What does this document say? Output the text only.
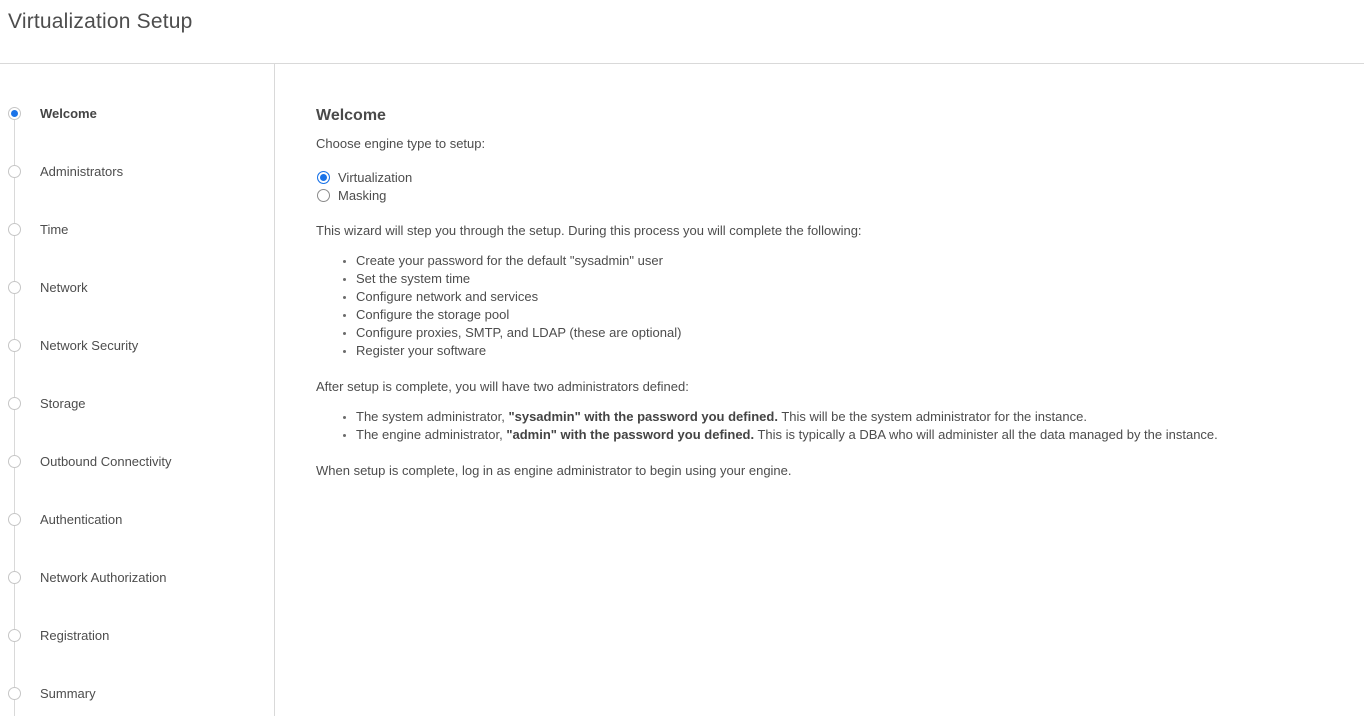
Virtualization Setup
Welcome
Administrators
Time
Network
Network Security
Storage
Outbound Connectivity
Authentication
Network Authorization
Registration
Summary
Welcome

Choose engine type to setup:

Virtualization
Masking

This wizard will step you through the setup. During this process you will complete the following:

• Create your password for the default "sysadmin" user
• Set the system time
• Configure network and services
• Configure the storage pool
• Configure proxies, SMTP, and LDAP (these are optional)
• Register your software

After setup is complete, you will have two administrators defined:

• The system administrator, "sysadmin" with the password you defined. This will be the system administrator for the instance.
• The engine administrator, "admin" with the password you defined. This is typically a DBA who will administer all the data managed by the instance.

When setup is complete, log in as engine administrator to begin using your engine.
